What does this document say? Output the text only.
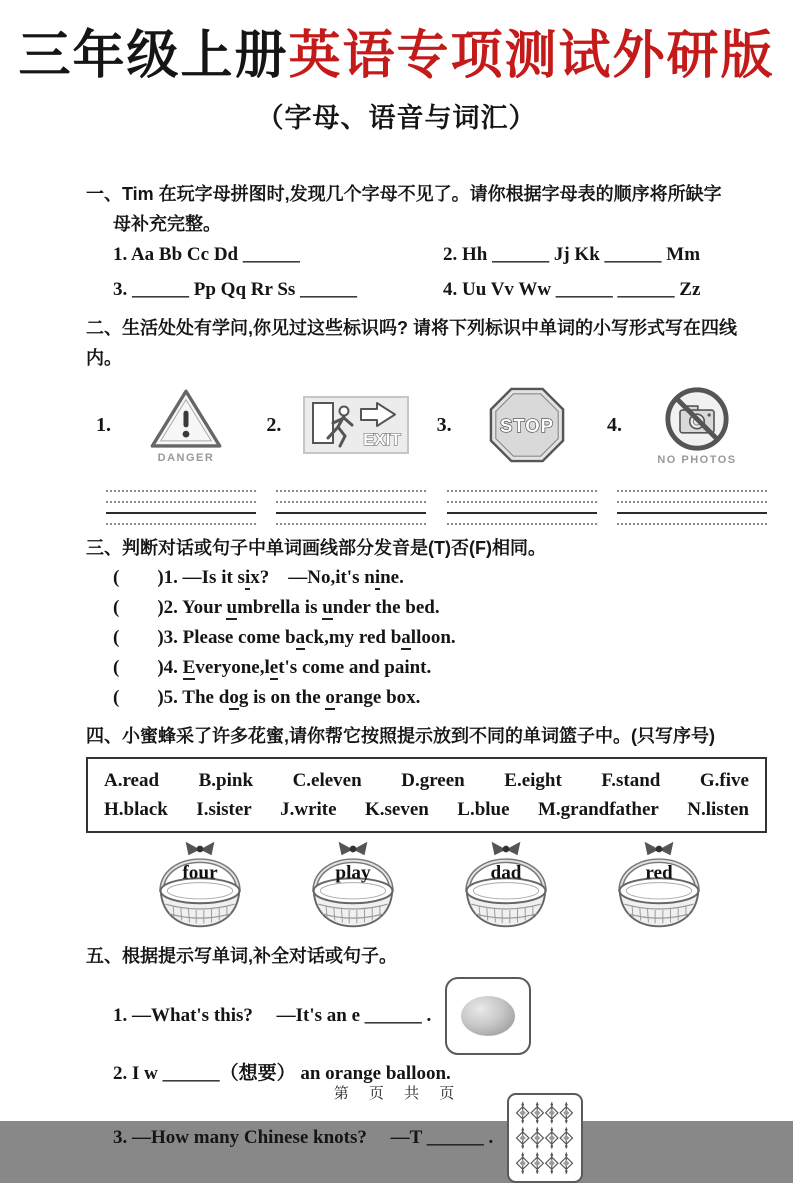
三年级上册英语专项测试外研版
（字母、语音与词汇）
一、Tim 在玩字母拼图时,发现几个字母不见了。请你根据字母表的顺序将所缺字
母补充完整。
1. Aa Bb Cc Dd ______	2. Hh ______ Jj Kk ______ Mm
3. ______ Pp Qq Rr Ss ______	4. Uu Vv Ww ______ ______ Zz
二、生活处处有学问,你见过这些标识吗? 请将下列标识中单词的小写形式写在四线内。
1.
DANGER
2.
EXIT
3.	STOP	4.
NO PHOTOS
三、判断对话或句子中单词画线部分发音是(T)否(F)相同。
(  )1. —Is it six? —No,it's nine.
(  )2. Your umbrella is under the bed.
(  )3. Please come back,my red balloon.
(  )4. Everyone,let's come and paint.
(  )5. The dog is on the orange box.
四、小蜜蜂采了许多花蜜,请你帮它按照提示放到不同的单词篮子中。(只写序号)
A.read B.pink C.eleven D.green E.eight F.stand G.five
H.black I.sister J.write K.seven L.blue M.grandfather N.listen
four	play	dad	red
五、根据提示写单词,补全对话或句子。
1. —What's this?  —It's an e ______ .
2. I w ______（想要） an orange balloon.
3. —How many Chinese knots?  —T ______ .
第 页 共 页
